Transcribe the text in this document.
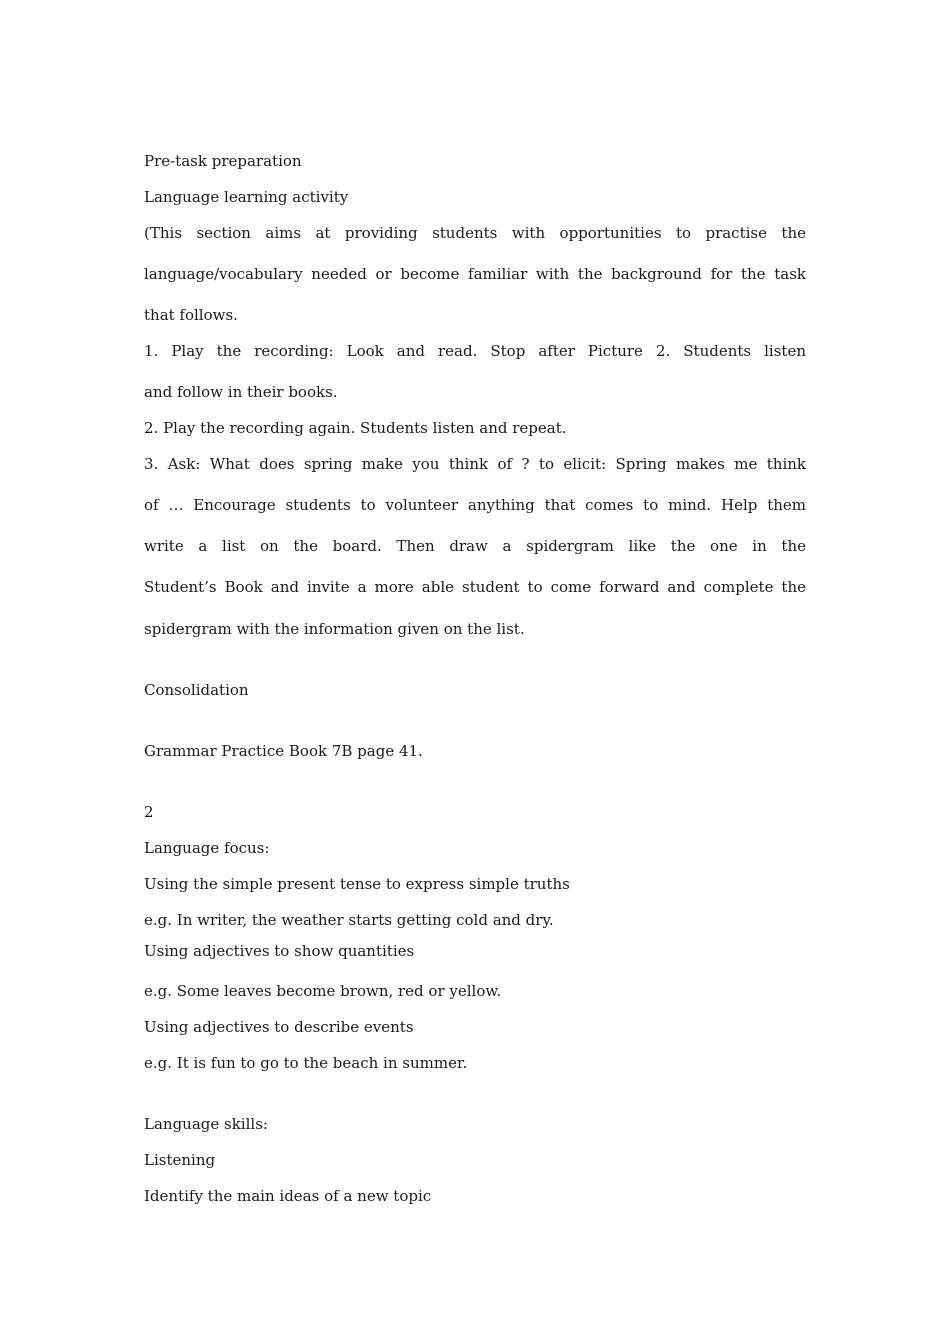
Pre-task preparation
Language learning activity
(This section aims at providing students with opportunities to practise the
language/vocabulary needed or become familiar with the background for the task
that follows.
1. Play the recording: Look and read. Stop after Picture 2. Students listen
and follow in their books.
2. Play the recording again. Students listen and repeat.
3. Ask: What does spring make you think of ? to elicit: Spring makes me think
of … Encourage students to volunteer anything that comes to mind. Help them
write a list on the board. Then draw a spidergram like the one in the
Student’s Book and invite a more able student to come forward and complete the
spidergram with the information given on the list.
Consolidation
Grammar Practice Book 7B page 41.
2
Language focus:
Using the simple present tense to express simple truths
e.g. In writer, the weather starts getting cold and dry.
Using adjectives to show quantities
e.g. Some leaves become brown, red or yellow.
Using adjectives to describe events
e.g. It is fun to go to the beach in summer.
Language skills:
Listening
Identify the main ideas of a new topic
